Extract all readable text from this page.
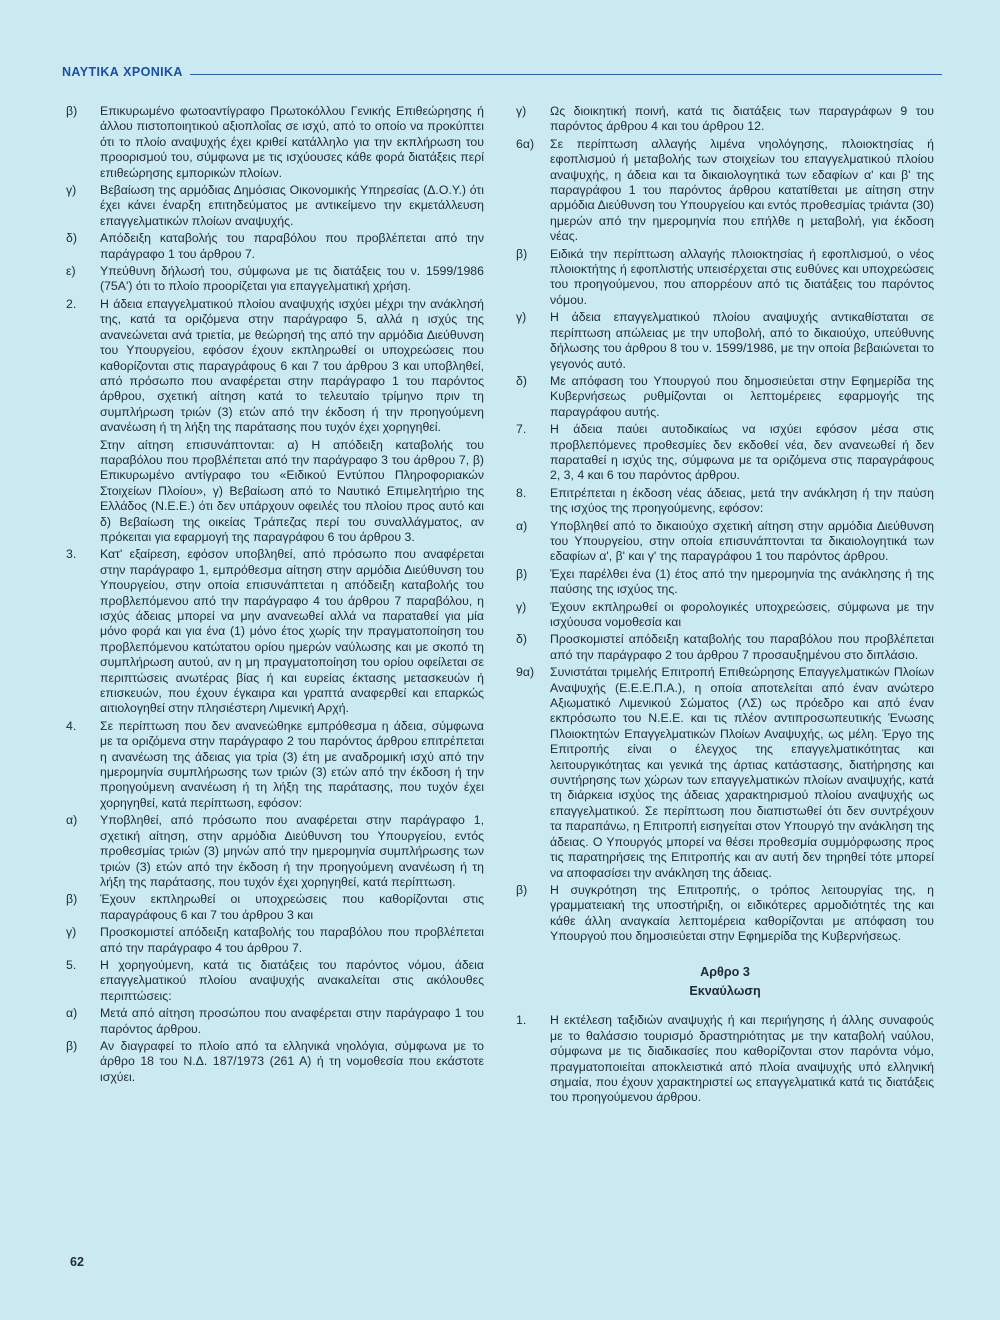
ΝΑΥΤΙΚΑ ΧΡΟΝΙΚΑ
β)	Επικυρωμένο φωτοαντίγραφο Πρωτοκόλλου Γενικής Επιθεώρησης ή άλλου πιστοποιητικού αξιοπλοΐας σε ισχύ, από το οποίο να προκύπτει ότι το πλοίο αναψυχής έχει κριθεί κατάλληλο για την εκπλήρωση του προορισμού του, σύμφωνα με τις ισχύουσες κάθε φορά διατάξεις περί επιθεώρησης εμπορικών πλοίων.
γ)	Βεβαίωση της αρμόδιας Δημόσιας Οικονομικής Υπηρεσίας (Δ.Ο.Υ.) ότι έχει κάνει έναρξη επιτηδεύματος με αντικείμενο την εκμετάλλευση επαγγελματικών πλοίων αναψυχής.
δ)	Απόδειξη καταβολής του παραβόλου που προβλέπεται από την παράγραφο 1 του άρθρου 7.
ε)	Υπεύθυνη δήλωσή του, σύμφωνα με τις διατάξεις του ν. 1599/1986 (75Α') ότι το πλοίο προορίζεται για επαγγελματική χρήση.
2.	Η άδεια επαγγελματικού πλοίου αναψυχής ισχύει μέχρι την ανάκλησή της, κατά τα οριζόμενα στην παράγραφο 5, αλλά η ισχύς της ανανεώνεται ανά τριετία, με θεώρησή της από την αρμόδια Διεύθυνση του Υπουργείου, εφόσον έχουν εκπληρωθεί οι υποχρεώσεις που καθορίζονται στις παραγράφους 6 και 7 του άρθρου 3 και υποβληθεί, από πρόσωπο που αναφέρεται στην παράγραφο 1 του παρόντος άρθρου, σχετική αίτηση κατά το τελευταίο τρίμηνο πριν τη συμπλήρωση τριών (3) ετών από την έκδοση ή την προηγούμενη ανανέωση ή τη λήξη της παράτασης που τυχόν έχει χορηγηθεί.
Στην αίτηση επισυνάπτονται: α) Η απόδειξη καταβολής του παραβόλου που προβλέπεται από την παράγραφο 3 του άρθρου 7, β) Επικυρωμένο αντίγραφο του «Ειδικού Εντύπου Πληροφοριακών Στοιχείων Πλοίου», γ) Βεβαίωση από το Ναυτικό Επιμελητήριο της Ελλάδος (Ν.Ε.Ε.) ότι δεν υπάρχουν οφειλές του πλοίου προς αυτό και δ) Βεβαίωση της οικείας Τράπεζας περί του συναλλάγματος, αν πρόκειται για εφαρμογή της παραγράφου 6 του άρθρου 3.
3.	Κατ' εξαίρεση, εφόσον υποβληθεί, από πρόσωπο που αναφέρεται στην παράγραφο 1, εμπρόθεσμα αίτηση στην αρμόδια Διεύθυνση του Υπουργείου, στην οποία επισυνάπτεται η απόδειξη καταβολής του προβλεπόμενου από την παράγραφο 4 του άρθρου 7 παραβόλου, η ισχύς άδειας μπορεί να μην ανανεωθεί αλλά να παραταθεί για μία μόνο φορά και για ένα (1) μόνο έτος χωρίς την πραγματοποίηση του προβλεπόμενου κατώτατου ορίου ημερών ναύλωσης και με σκοπό τη συμπλήρωση αυτού, αν η μη πραγματοποίηση του ορίου οφείλεται σε περιπτώσεις ανωτέρας βίας ή και ευρείας έκτασης μετασκευών ή επισκευών, που έχουν έγκαιρα και γραπτά αναφερθεί και επαρκώς αιτιολογηθεί στην πλησιέστερη Λιμενική Αρχή.
4.	Σε περίπτωση που δεν ανανεώθηκε εμπρόθεσμα η άδεια, σύμφωνα με τα οριζόμενα στην παράγραφο 2 του παρόντος άρθρου επιτρέπεται η ανανέωση της άδειας για τρία (3) έτη με αναδρομική ισχύ από την ημερομηνία συμπλήρωσης των τριών (3) ετών από την έκδοση ή την προηγούμενη ανανέωση ή τη λήξη της παράτασης, που τυχόν έχει χορηγηθεί, κατά περίπτωση, εφόσον:
α)	Υποβληθεί, από πρόσωπο που αναφέρεται στην παράγραφο 1, σχετική αίτηση, στην αρμόδια Διεύθυνση του Υπουργείου, εντός προθεσμίας τριών (3) μηνών από την ημερομηνία συμπλήρωσης των τριών (3) ετών από την έκδοση ή την προηγούμενη ανανέωση ή τη λήξη της παράτασης, που τυχόν έχει χορηγηθεί, κατά περίπτωση.
β)	Έχουν εκπληρωθεί οι υποχρεώσεις που καθορίζονται στις παραγράφους 6 και 7 του άρθρου 3 και
γ)	Προσκομιστεί απόδειξη καταβολής του παραβόλου που προβλέπεται από την παράγραφο 4 του άρθρου 7.
5.	Η χορηγούμενη, κατά τις διατάξεις του παρόντος νόμου, άδεια επαγγελματικού πλοίου αναψυχής ανακαλείται στις ακόλουθες περιπτώσεις:
α)	Μετά από αίτηση προσώπου που αναφέρεται στην παράγραφο 1 του παρόντος άρθρου.
β)	Αν διαγραφεί το πλοίο από τα ελληνικά νηολόγια, σύμφωνα με το άρθρο 18 του Ν.Δ. 187/1973 (261 Α) ή τη νομοθεσία που εκάστοτε ισχύει.
γ)	Ως διοικητική ποινή, κατά τις διατάξεις των παραγράφων 9 του παρόντος άρθρου 4 και του άρθρου 12.
6α)	Σε περίπτωση αλλαγής λιμένα νηολόγησης, πλοιοκτησίας ή εφοπλισμού ή μεταβολής των στοιχείων του επαγγελματικού πλοίου αναψυχής, η άδεια και τα δικαιολογητικά των εδαφίων α' και β' της παραγράφου 1 του παρόντος άρθρου κατατίθεται με αίτηση στην αρμόδια Διεύθυνση του Υπουργείου και εντός προθεσμίας τριάντα (30) ημερών από την ημερομηνία που επήλθε η μεταβολή, για έκδοση νέας.
β)	Ειδικά την περίπτωση αλλαγής πλοιοκτησίας ή εφοπλισμού, ο νέος πλοιοκτήτης ή εφοπλιστής υπεισέρχεται στις ευθύνες και υποχρεώσεις του προηγούμενου, που απορρέουν από τις διατάξεις του παρόντος νόμου.
γ)	Η άδεια επαγγελματικού πλοίου αναψυχής αντικαθίσταται σε περίπτωση απώλειας με την υποβολή, από το δικαιούχο, υπεύθυνης δήλωσης του άρθρου 8 του ν. 1599/1986, με την οποία βεβαιώνεται το γεγονός αυτό.
δ)	Με απόφαση του Υπουργού που δημοσιεύεται στην Εφημερίδα της Κυβερνήσεως ρυθμίζονται οι λεπτομέρειες εφαρμογής της παραγράφου αυτής.
7.	Η άδεια παύει αυτοδικαίως να ισχύει εφόσον μέσα στις προβλεπόμενες προθεσμίες δεν εκδοθεί νέα, δεν ανανεωθεί ή δεν παραταθεί η ισχύς της, σύμφωνα με τα οριζόμενα στις παραγράφους 2, 3, 4 και 6 του παρόντος άρθρου.
8.	Επιτρέπεται η έκδοση νέας άδειας, μετά την ανάκληση ή την παύση της ισχύος της προηγούμενης, εφόσον:
α)	Υποβληθεί από το δικαιούχο σχετική αίτηση στην αρμόδια Διεύθυνση του Υπουργείου, στην οποία επισυνάπτονται τα δικαιολογητικά των εδαφίων α', β' και γ' της παραγράφου 1 του παρόντος άρθρου.
β)	Έχει παρέλθει ένα (1) έτος από την ημερομηνία της ανάκλησης ή της παύσης της ισχύος της.
γ)	Έχουν εκπληρωθεί οι φορολογικές υποχρεώσεις, σύμφωνα με την ισχύουσα νομοθεσία και
δ)	Προσκομιστεί απόδειξη καταβολής του παραβόλου που προβλέπεται από την παράγραφο 2 του άρθρου 7 προσαυξημένου στο διπλάσιο.
9α)	Συνιστάται τριμελής Επιτροπή Επιθεώρησης Επαγγελματικών Πλοίων Αναψυχής (Ε.Ε.Ε.Π.Α.), η οποία αποτελείται από έναν ανώτερο Αξιωματικό Λιμενικού Σώματος (ΛΣ) ως πρόεδρο και από έναν εκπρόσωπο του Ν.Ε.Ε. και τις πλέον αντιπροσωπευτικής Ένωσης Πλοιοκτητών Επαγγελματικών Πλοίων Αναψυχής, ως μέλη. Έργο της Επιτροπής είναι ο έλεγχος της επαγγελματικότητας και λειτουργικότητας και γενικά της άρτιας κατάστασης, διατήρησης και συντήρησης των χώρων των επαγγελματικών πλοίων αναψυχής, κατά τη διάρκεια ισχύος της άδειας χαρακτηρισμού πλοίου αναψυχής ως επαγγελματικού. Σε περίπτωση που διαπιστωθεί ότι δεν συντρέχουν τα παραπάνω, η Επιτροπή εισηγείται στον Υπουργό την ανάκληση της άδειας. Ο Υπουργός μπορεί να θέσει προθεσμία συμμόρφωσης προς τις παρατηρήσεις της Επιτροπής και αν αυτή δεν τηρηθεί τότε μπορεί να αποφασίσει την ανάκληση της άδειας.
β)	Η συγκρότηση της Επιτροπής, ο τρόπος λειτουργίας της, η γραμματειακή της υποστήριξη, οι ειδικότερες αρμοδιότητές της και κάθε άλλη αναγκαία λεπτομέρεια καθορίζονται με απόφαση του Υπουργού που δημοσιεύεται στην Εφημερίδα της Κυβερνήσεως.
Αρθρο 3
Εκναύλωση
1.	Η εκτέλεση ταξιδιών αναψυχής ή και περιήγησης ή άλλης συναφούς με το θαλάσσιο τουρισμό δραστηριότητας με την καταβολή ναύλου, σύμφωνα με τις διαδικασίες που καθορίζονται στον παρόντα νόμο, πραγματοποιείται αποκλειστικά από πλοία αναψυχής υπό ελληνική σημαία, που έχουν χαρακτηριστεί ως επαγγελματικά κατά τις διατάξεις του προηγούμενου άρθρου.
62
